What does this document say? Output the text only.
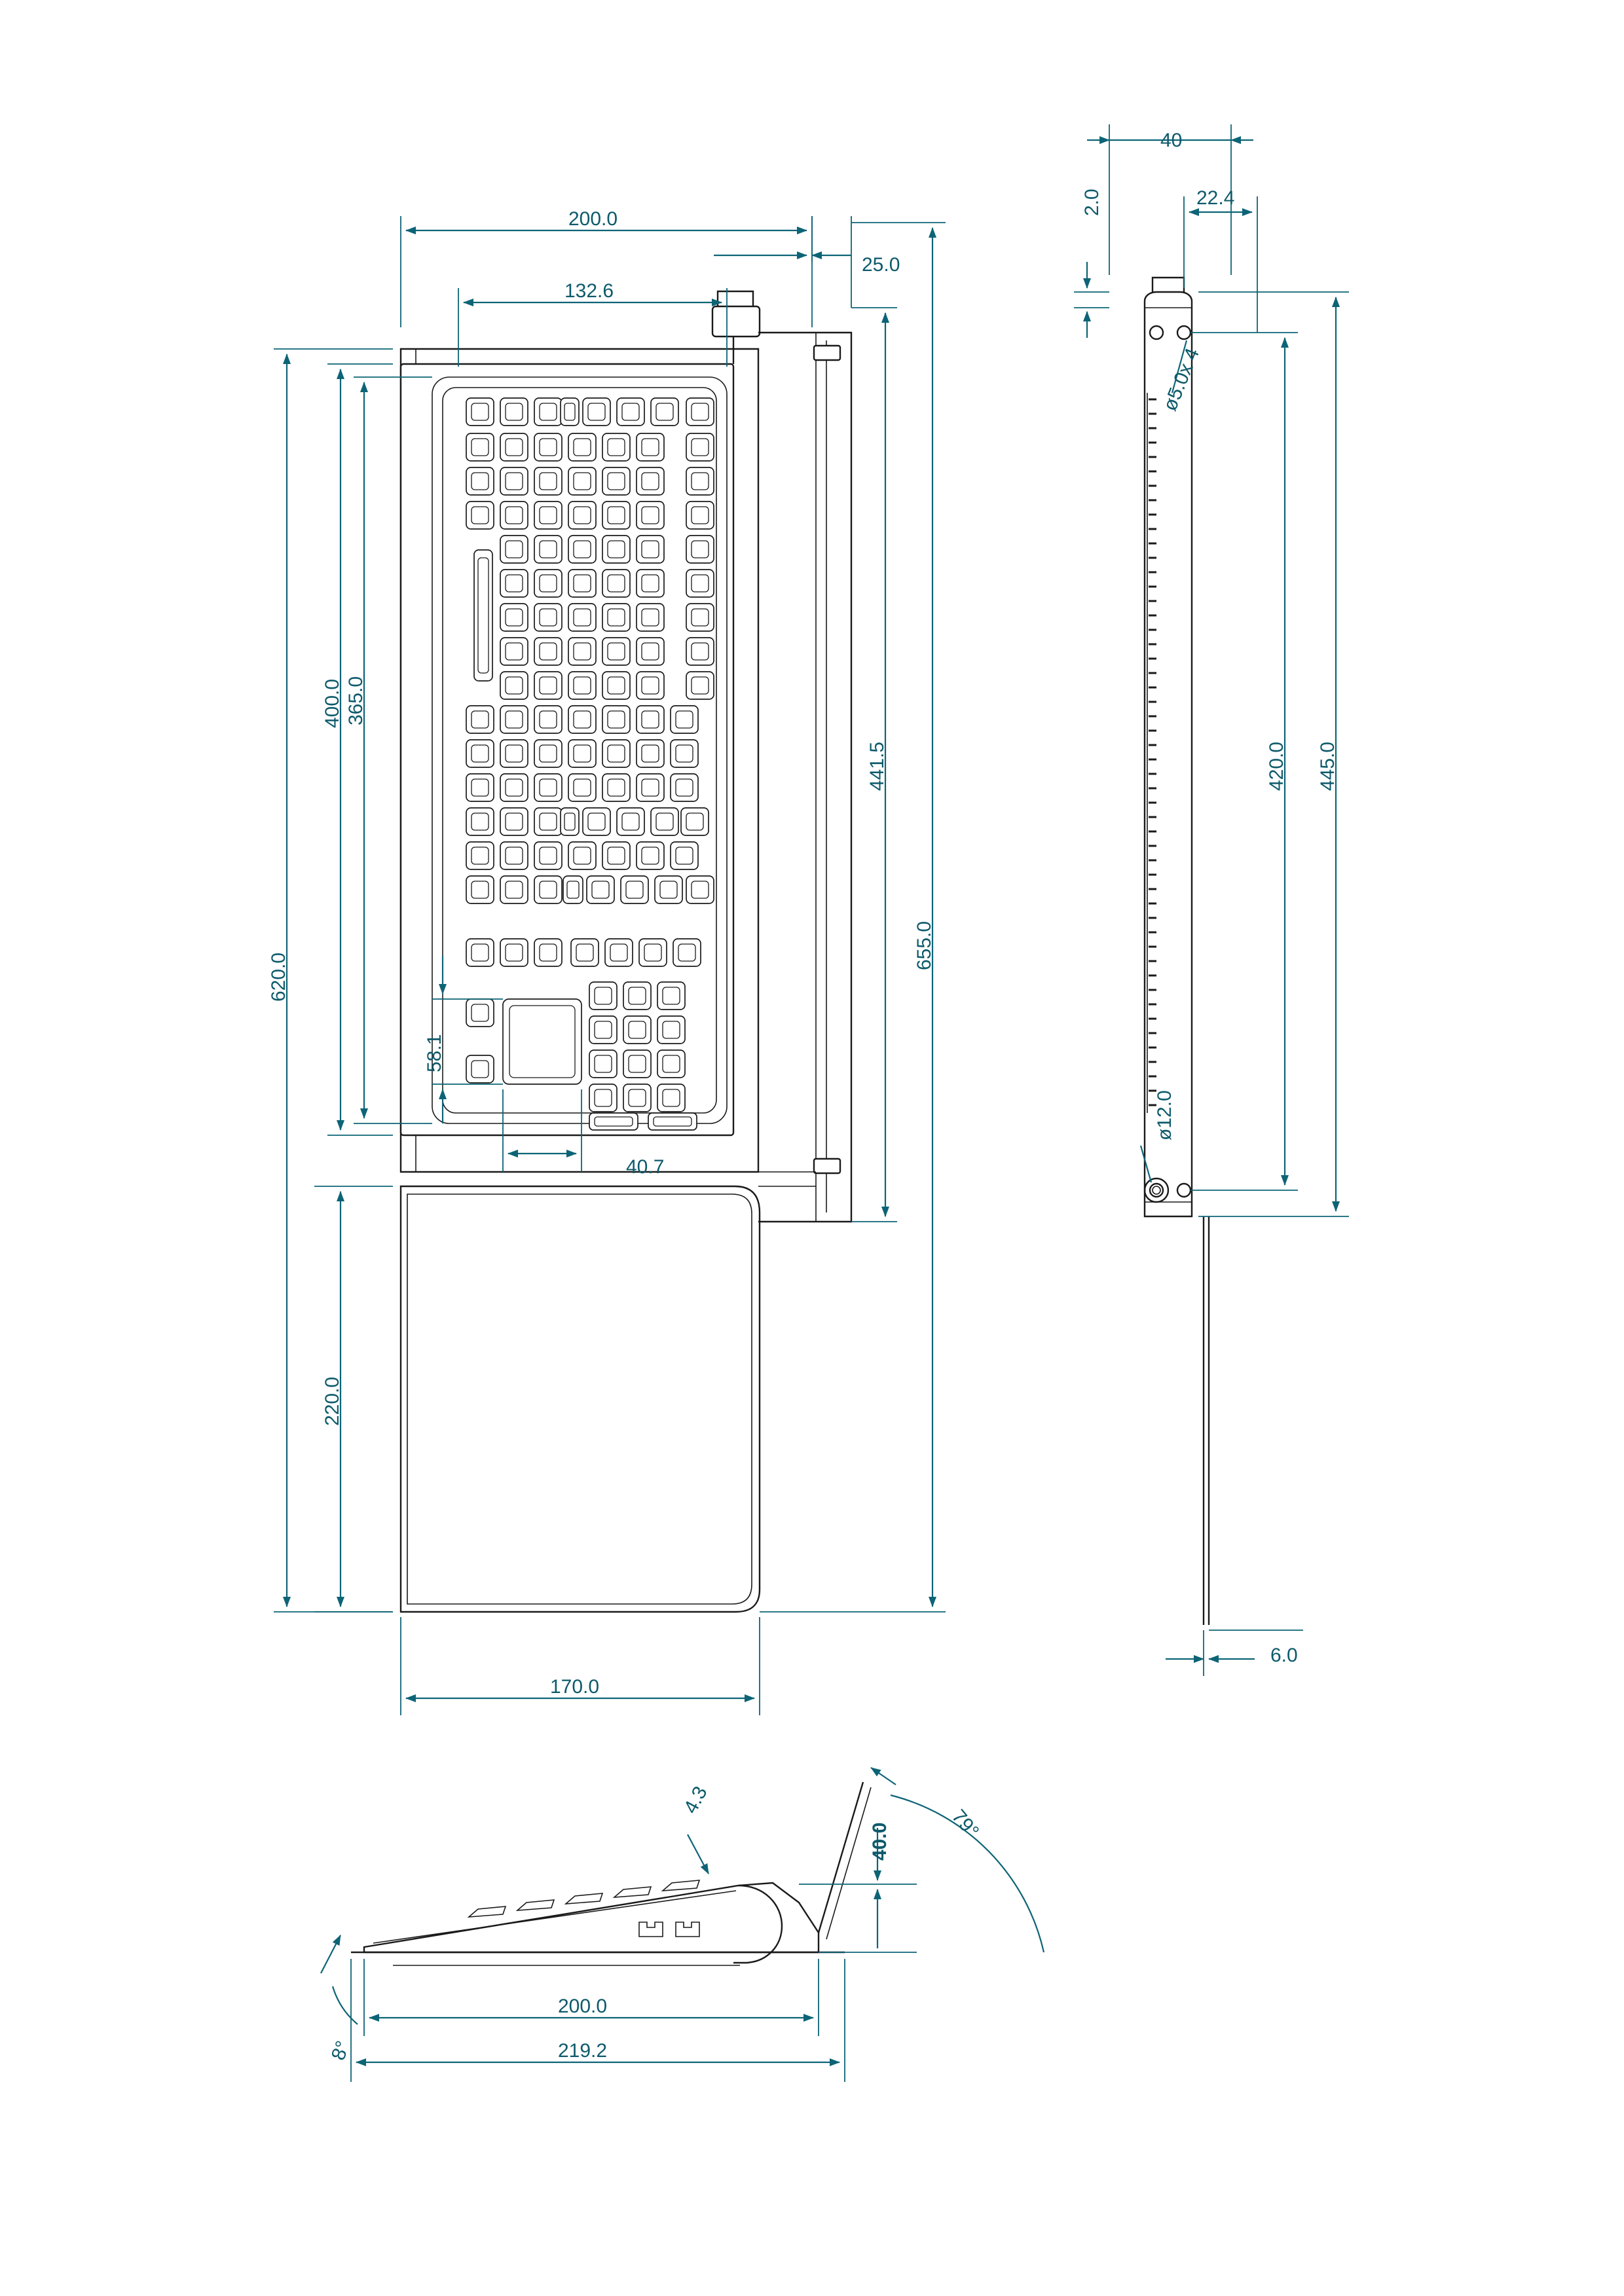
200.0
132.6
25.0
365.0
400.0
620.0
220.0
441.5
655.0
58.1
40.7
170.0
40
2.0	22.4
420.0 445.0
6.0
ø5.0x 4
ø12.0
4.3
40.0	79°
8°
200.0
219.2
